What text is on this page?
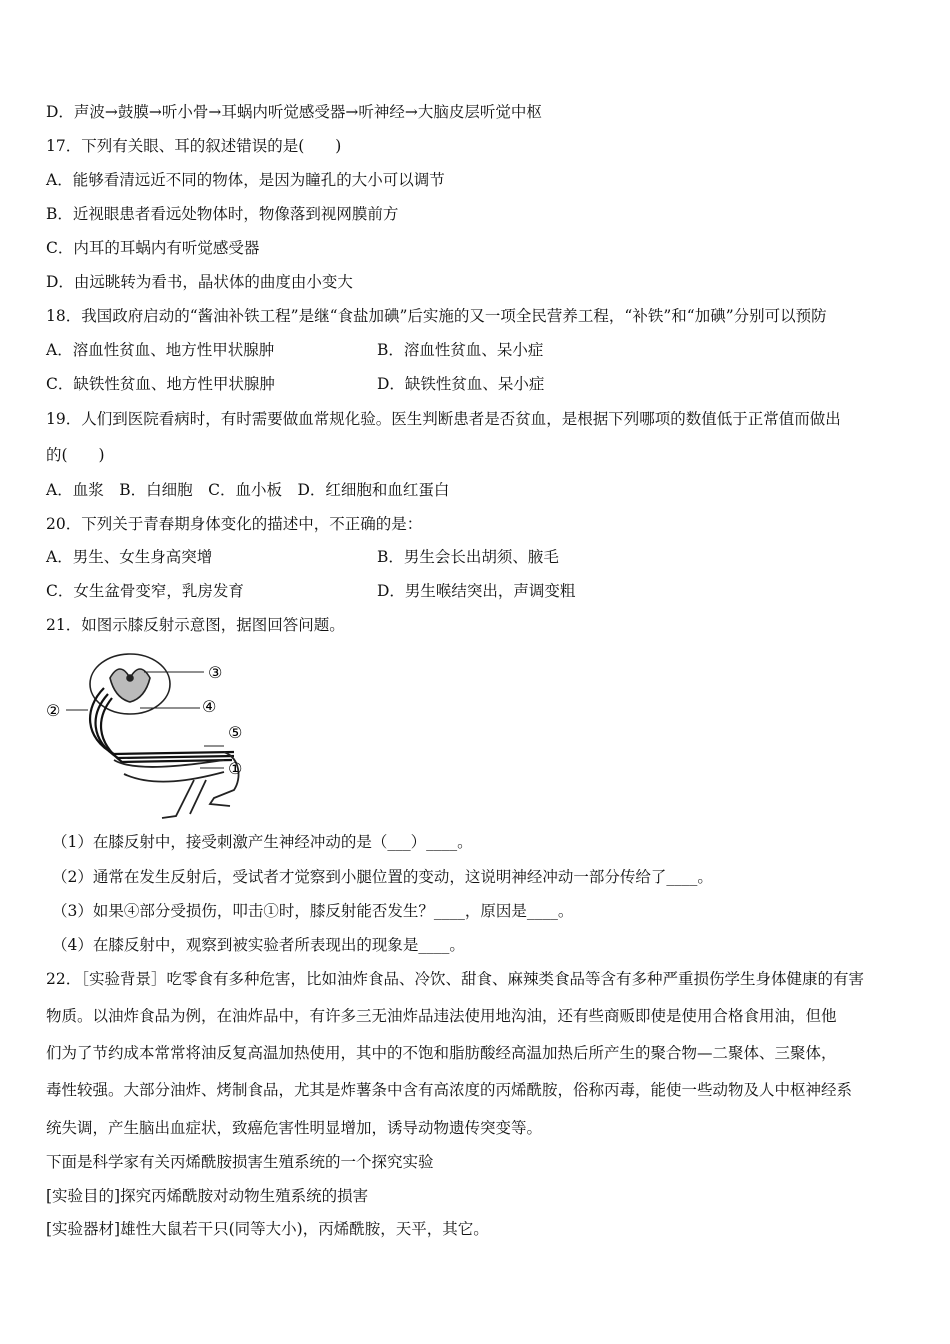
D．声波→鼓膜→听小骨→耳蜗内听觉感受器→听神经→大脑皮层听觉中枢
17．下列有关眼、耳的叙述错误的是(　　)
A．能够看清远近不同的物体，是因为瞳孔的大小可以调节
B．近视眼患者看远处物体时，物像落到视网膜前方
C．内耳的耳蜗内有听觉感受器
D．由远眺转为看书，晶状体的曲度由小变大
18．我国政府启动的“酱油补铁工程”是继“食盐加碘”后实施的又一项全民营养工程，“补铁”和“加碘”分别可以预防
A．溶血性贫血、地方性甲状腺肿	B．溶血性贫血、呆小症
C．缺铁性贫血、地方性甲状腺肿	D．缺铁性贫血、呆小症
19．人们到医院看病时，有时需要做血常规化验。医生判断患者是否贫血，是根据下列哪项的数值低于正常值而做出
的(　　)
A．血浆　B．白细胞　C．血小板　D．红细胞和血红蛋白
20．下列关于青春期身体变化的描述中，不正确的是：
A．男生、女生身高突增	B．男生会长出胡须、腋毛
C．女生盆骨变窄，乳房发育	D．男生喉结突出，声调变粗
21．如图示膝反射示意图，据图回答问题。
③
④
②
⑤
①
（1）在膝反射中，接受刺激产生神经冲动的是（___）____。
（2）通常在发生反射后，受试者才觉察到小腿位置的变动，这说明神经冲动一部分传给了____。
（3）如果④部分受损伤，叩击①时，膝反射能否发生？____，原因是____。
（4）在膝反射中，观察到被实验者所表现出的现象是____。
22．［实验背景］吃零食有多种危害，比如油炸食品、冷饮、甜食、麻辣类食品等含有多种严重损伤学生身体健康的有害
物质。以油炸食品为例，在油炸品中，有许多三无油炸品违法使用地沟油，还有些商贩即使是使用合格食用油，但他
们为了节约成本常常将油反复高温加热使用，其中的不饱和脂肪酸经高温加热后所产生的聚合物—二聚体、三聚体，
毒性较强。大部分油炸、烤制食品，尤其是炸薯条中含有高浓度的丙烯酰胺，俗称丙毒，能使一些动物及人中枢神经系
统失调，产生脑出血症状，致癌危害性明显增加，诱导动物遗传突变等。
下面是科学家有关丙烯酰胺损害生殖系统的一个探究实验
[实验目的]探究丙烯酰胺对动物生殖系统的损害
[实验器材]雄性大鼠若干只(同等大小)，丙烯酰胺，天平，其它。
